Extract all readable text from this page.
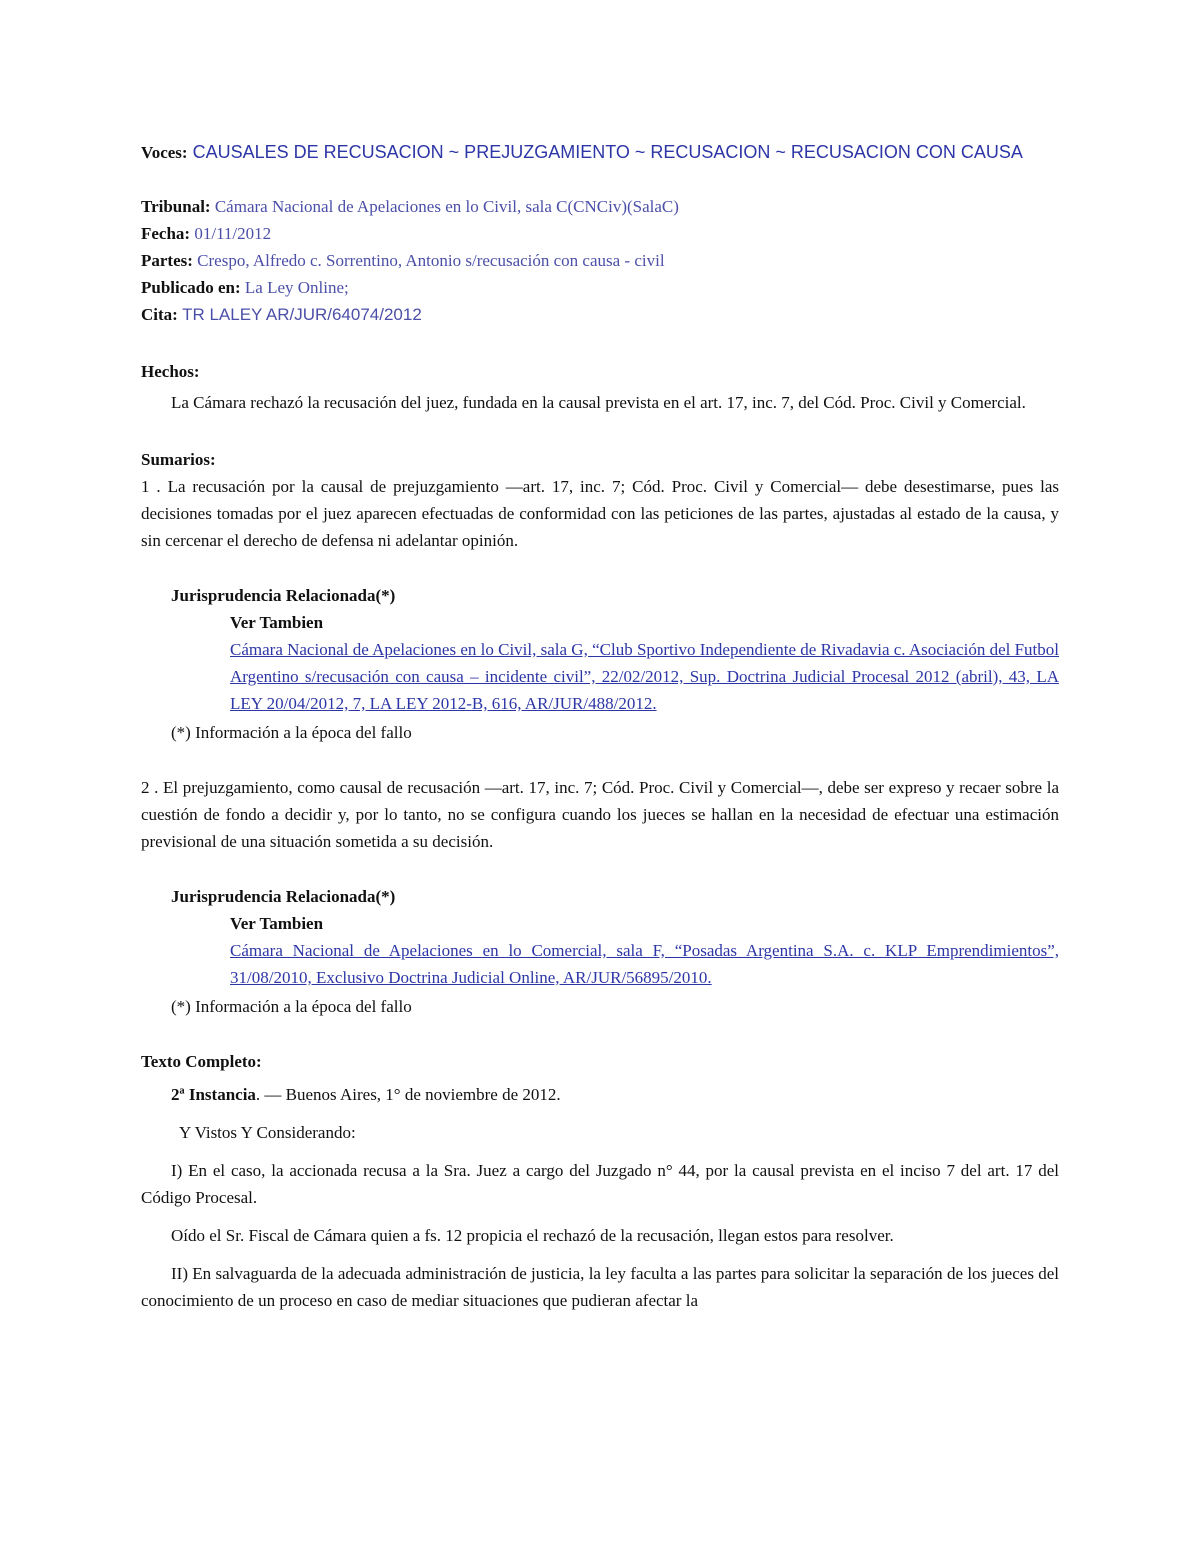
Voces: CAUSALES DE RECUSACION ~ PREJUZGAMIENTO ~ RECUSACION ~ RECUSACION CON CAUSA

Tribunal: Cámara Nacional de Apelaciones en lo Civil, sala C(CNCiv)(SalaC)
Fecha: 01/11/2012
Partes: Crespo, Alfredo c. Sorrentino, Antonio s/recusación con causa - civil
Publicado en: La Ley Online;
Cita: TR LALEY AR/JUR/64074/2012
Hechos:

La Cámara rechazó la recusación del juez, fundada en la causal prevista en el art. 17, inc. 7, del Cód. Proc. Civil y Comercial.

Sumarios:

1 . La recusación por la causal de prejuzgamiento —art. 17, inc. 7; Cód. Proc. Civil y Comercial— debe desestimarse, pues las decisiones tomadas por el juez aparecen efectuadas de conformidad con las peticiones de las partes, ajustadas al estado de la causa, y sin cercenar el derecho de defensa ni adelantar opinión.

Jurisprudencia Relacionada(*)
Ver Tambien
Cámara Nacional de Apelaciones en lo Civil, sala G, “Club Sportivo Independiente de Rivadavia c. Asociación del Futbol Argentino s/recusación con causa – incidente civil”, 22/02/2012, Sup. Doctrina Judicial Procesal 2012 (abril), 43, LA LEY 20/04/2012, 7, LA LEY 2012-B, 616, AR/JUR/488/2012.
(*) Información a la época del fallo

2 . El prejuzgamiento, como causal de recusación —art. 17, inc. 7; Cód. Proc. Civil y Comercial—, debe ser expreso y recaer sobre la cuestión de fondo a decidir y, por lo tanto, no se configura cuando los jueces se hallan en la necesidad de efectuar una estimación previsional de una situación sometida a su decisión.

Jurisprudencia Relacionada(*)
Ver Tambien
Cámara Nacional de Apelaciones en lo Comercial, sala F, “Posadas Argentina S.A. c. KLP Emprendimientos”, 31/08/2010, Exclusivo Doctrina Judicial Online, AR/JUR/56895/2010.
(*) Información a la época del fallo
Texto Completo:

2ª Instancia. — Buenos Aires, 1° de noviembre de 2012.

Y Vistos Y Considerando:

I) En el caso, la accionada recusa a la Sra. Juez a cargo del Juzgado n° 44, por la causal prevista en el inciso 7 del art. 17 del Código Procesal.

Oído el Sr. Fiscal de Cámara quien a fs. 12 propicia el rechazó de la recusación, llegan estos para resolver.

II) En salvaguarda de la adecuada administración de justicia, la ley faculta a las partes para solicitar la separación de los jueces del conocimiento de un proceso en caso de mediar situaciones que pudieran afectar la
